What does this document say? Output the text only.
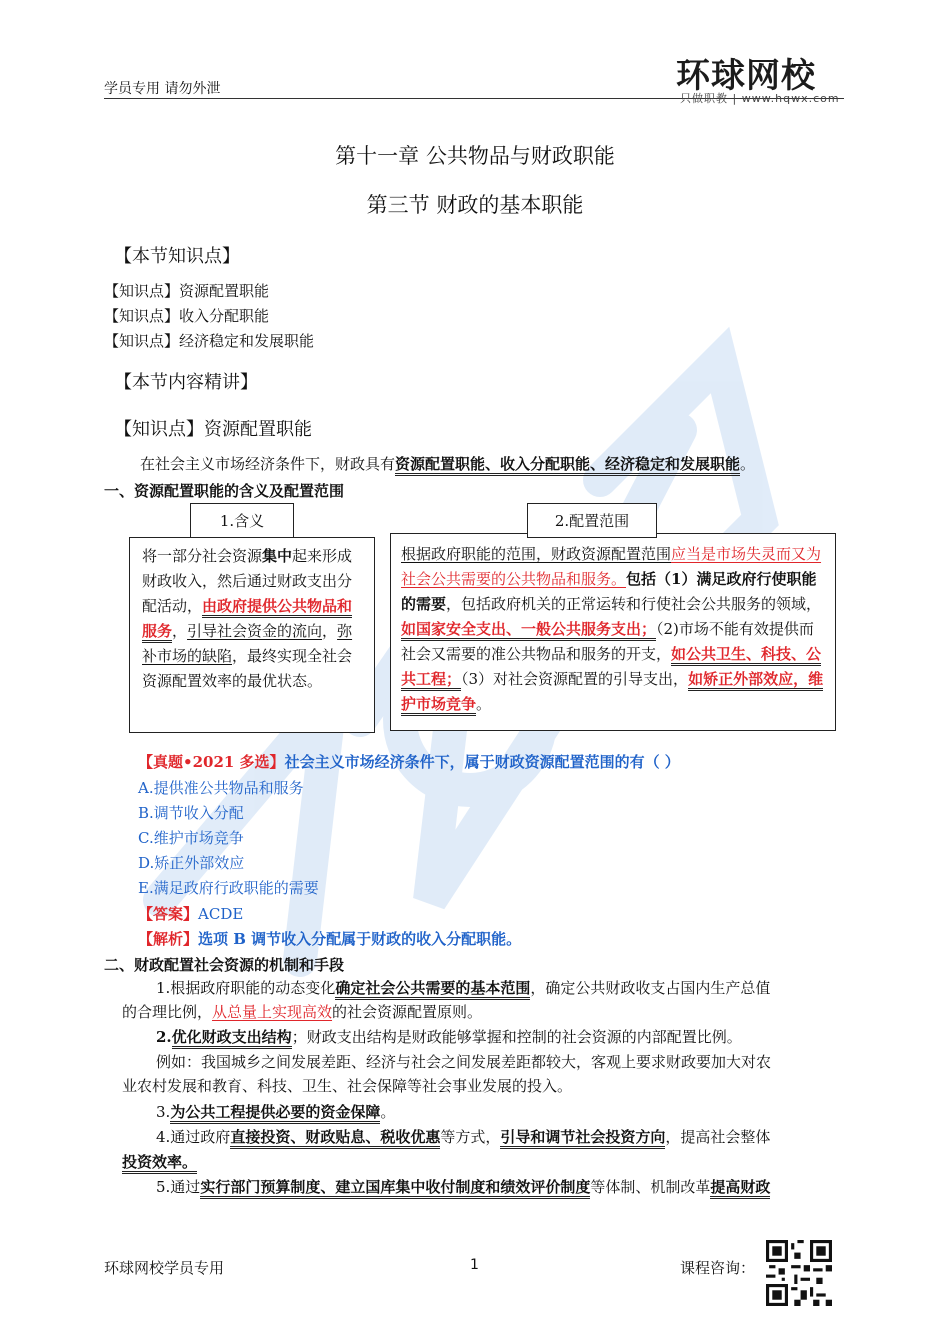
学员专用 请勿外泄	环球网校
只做职教 | www.hqwx.com
第十一章 公共物品与财政职能
第三节 财政的基本职能
【本节知识点】
【知识点】资源配置职能
【知识点】收入分配职能
【知识点】经济稳定和发展职能
【本节内容精讲】
【知识点】资源配置职能
在社会主义市场经济条件下，财政具有资源配置职能、收入分配职能、经济稳定和发展职能。
一、资源配置职能的含义及配置范围
将一部分社会资源集中起来形成财政收入，然后通过财政支出分配活动，由政府提供公共物品和服务，引导社会资金的流向，弥补市场的缺陷，最终实现全社会资源配置效率的最优状态。
1.含义
根据政府职能的范围，财政资源配置范围应当是市场失灵而又为社会公共需要的公共物品和服务。包括（1）满足政府行使职能的需要，包括政府机关的正常运转和行使社会公共服务的领域，如国家安全支出、一般公共服务支出；（2)市场不能有效提供而社会又需要的准公共物品和服务的开支，如公共卫生、科技、公共工程；（3）对社会资源配置的引导支出，如矫正外部效应，维护市场竞争。
2.配置范围
【真题•2021 多选】社会主义市场经济条件下，属于财政资源配置范围的有（ ）
A.提供准公共物品和服务
B.调节收入分配
C.维护市场竞争
D.矫正外部效应
E.满足政府行政职能的需要
【答案】ACDE
【解析】选项 B 调节收入分配属于财政的收入分配职能。
二、财政配置社会资源的机制和手段
1.根据政府职能的动态变化确定社会公共需要的基本范围，确定公共财政收支占国内生产总值
的合理比例，从总量上实现高效的社会资源配置原则。
2.优化财政支出结构；财政支出结构是财政能够掌握和控制的社会资源的内部配置比例。
例如：我国城乡之间发展差距、经济与社会之间发展差距都较大，客观上要求财政要加大对农
业农村发展和教育、科技、卫生、社会保障等社会事业发展的投入。
3.为公共工程提供必要的资金保障。
4.通过政府直接投资、财政贴息、税收优惠等方式，引导和调节社会投资方向，提高社会整体
投资效率。
5.通过实行部门预算制度、建立国库集中收付制度和绩效评价制度等体制、机制改革提高财政
环球网校学员专用	1	课程咨询：
